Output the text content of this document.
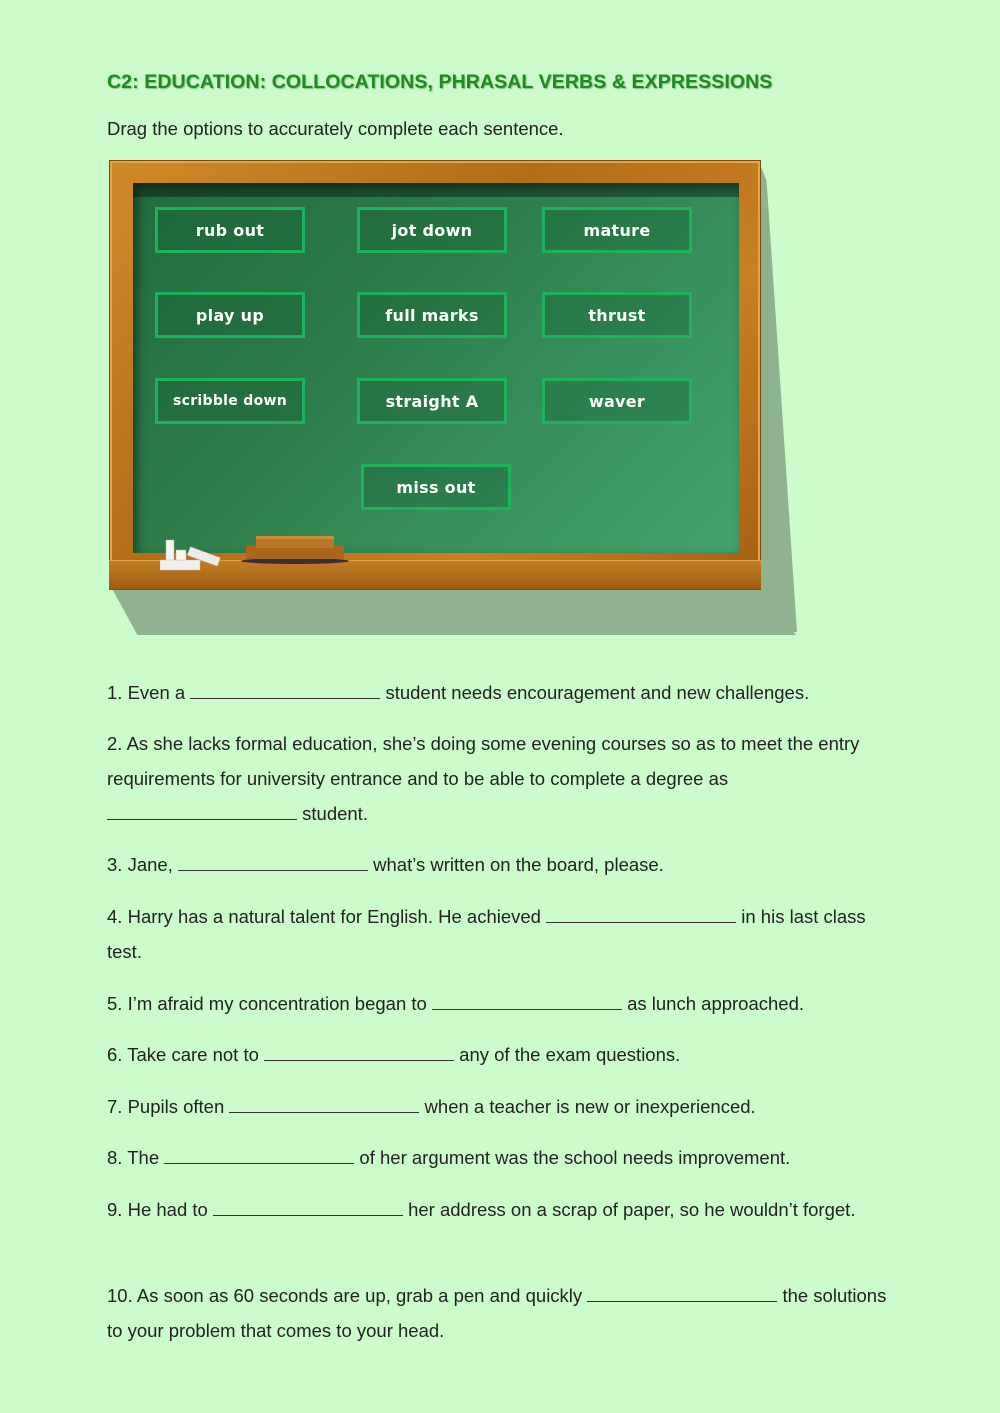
C2: EDUCATION: COLLOCATIONS, PHRASAL VERBS & EXPRESSIONS
Drag the options to accurately complete each sentence.
rub out	jot down	mature
play up	full marks	thrust
scribble down	straight A	waver
miss out
1. Even a	student needs encouragement and new challenges.
2. As she lacks formal education, she’s doing some evening courses so as to meet the entry requirements for university entrance and to be able to complete a degree as  student.
3. Jane,	what’s written on the board, please.
4. Harry has a natural talent for English. He achieved	in his last class test.
5. I’m afraid my concentration began to	as lunch approached.
6. Take care not to	any of the exam questions.
7. Pupils often	when a teacher is new or inexperienced.
8. The	of her argument was the school needs improvement.
9. He had to	her address on a scrap of paper, so he wouldn’t forget.
10. As soon as 60 seconds are up, grab a pen and quickly	the solutions to your problem that comes to your head.
